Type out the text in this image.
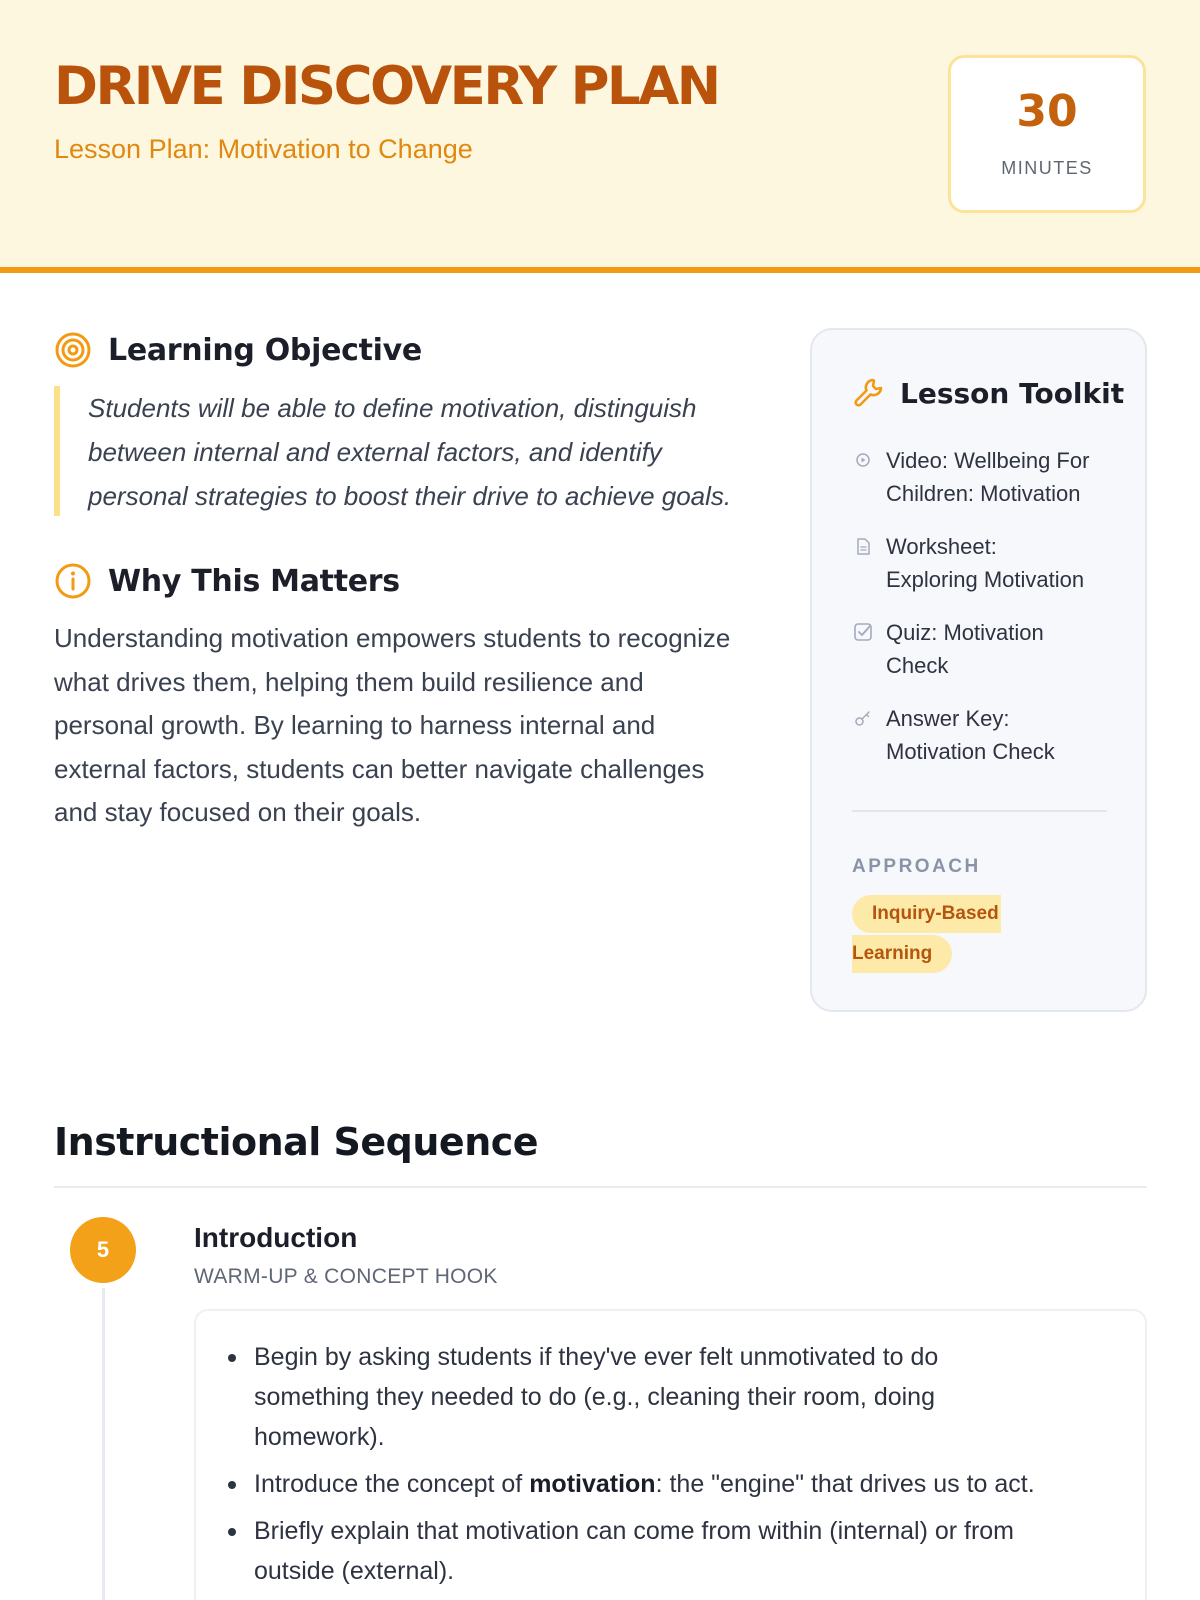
DRIVE DISCOVERY PLAN
Lesson Plan: Motivation to Change
30
MINUTES
Learning Objective
Students will be able to define motivation, distinguish
between internal and external factors, and identify
personal strategies to boost their drive to achieve goals.
Why This Matters
Understanding motivation empowers students to recognize
what drives them, helping them build resilience and
personal growth. By learning to harness internal and
external factors, students can better navigate challenges
and stay focused on their goals.
Lesson Toolkit
Video: Wellbeing For
Children: Motivation
Worksheet:
Exploring Motivation
Quiz: Motivation
Check
Answer Key:
Motivation Check
APPROACH
Inquiry-Based
Learning
Instructional Sequence
5	Introduction
WARM-UP & CONCEPT HOOK
Begin by asking students if they've ever felt unmotivated to do
something they needed to do (e.g., cleaning their room, doing
homework).
Introduce the concept of motivation: the "engine" that drives us to act.
Briefly explain that motivation can come from within (internal) or from
outside (external).
